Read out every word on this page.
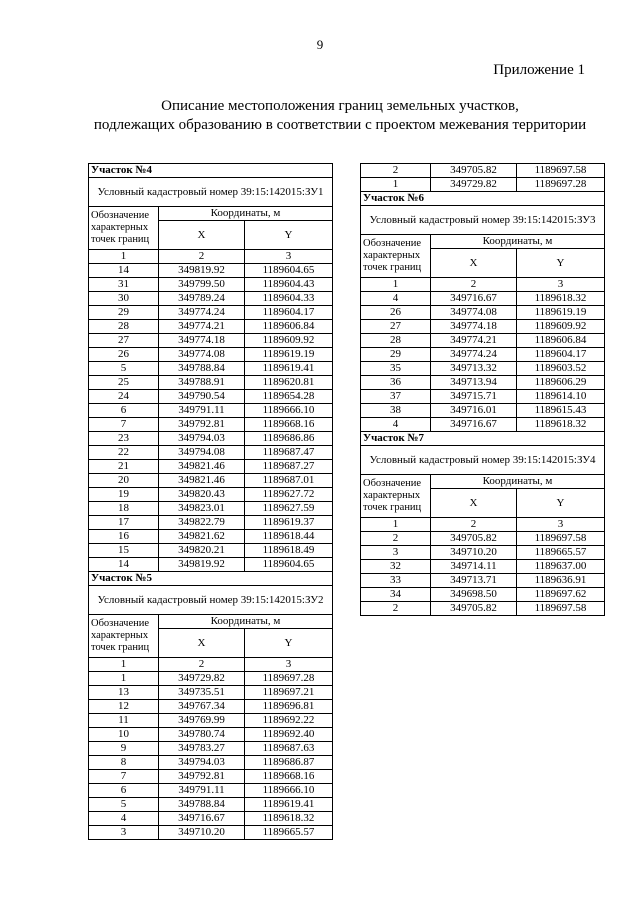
9
Приложение 1
Описание местоположения границ земельных участков,
подлежащих образованию в соответствии с проектом межевания территории
Участок №4		
Условный кадастровый номер 39:15:142015:ЗУ1		
Обозначение характерных точек границ	Координаты, м	
	X	Y
1	2	3
14	349819.92	1189604.65
31	349799.50	1189604.43
30	349789.24	1189604.33
29	349774.24	1189604.17
28	349774.21	1189606.84
27	349774.18	1189609.92
26	349774.08	1189619.19
5	349788.84	1189619.41
25	349788.91	1189620.81
24	349790.54	1189654.28
6	349791.11	1189666.10
7	349792.81	1189668.16
23	349794.03	1189686.86
22	349794.08	1189687.47
21	349821.46	1189687.27
20	349821.46	1189687.01
19	349820.43	1189627.72
18	349823.01	1189627.59
17	349822.79	1189619.37
16	349821.62	1189618.44
15	349820.21	1189618.49
14	349819.92	1189604.65
Участок №5		
Условный кадастровый номер 39:15:142015:ЗУ2		
Обозначение характерных точек границ	Координаты, м	
	X	Y
1	2	3
1	349729.82	1189697.28
13	349735.51	1189697.21
12	349767.34	1189696.81
11	349769.99	1189692.22
10	349780.74	1189692.40
9	349783.27	1189687.63
8	349794.03	1189686.87
7	349792.81	1189668.16
6	349791.11	1189666.10
5	349788.84	1189619.41
4	349716.67	1189618.32
3	349710.20	1189665.57
2	349705.82	1189697.58
1	349729.82	1189697.28
Участок №6		
Условный кадастровый номер 39:15:142015:ЗУ3		
Обозначение характерных точек границ	Координаты, м	
	X	Y
1	2	3
4	349716.67	1189618.32
26	349774.08	1189619.19
27	349774.18	1189609.92
28	349774.21	1189606.84
29	349774.24	1189604.17
35	349713.32	1189603.52
36	349713.94	1189606.29
37	349715.71	1189614.10
38	349716.01	1189615.43
4	349716.67	1189618.32
Участок №7		
Условный кадастровый номер 39:15:142015:ЗУ4		
Обозначение характерных точек границ	Координаты, м	
	X	Y
1	2	3
2	349705.82	1189697.58
3	349710.20	1189665.57
32	349714.11	1189637.00
33	349713.71	1189636.91
34	349698.50	1189697.62
2	349705.82	1189697.58
